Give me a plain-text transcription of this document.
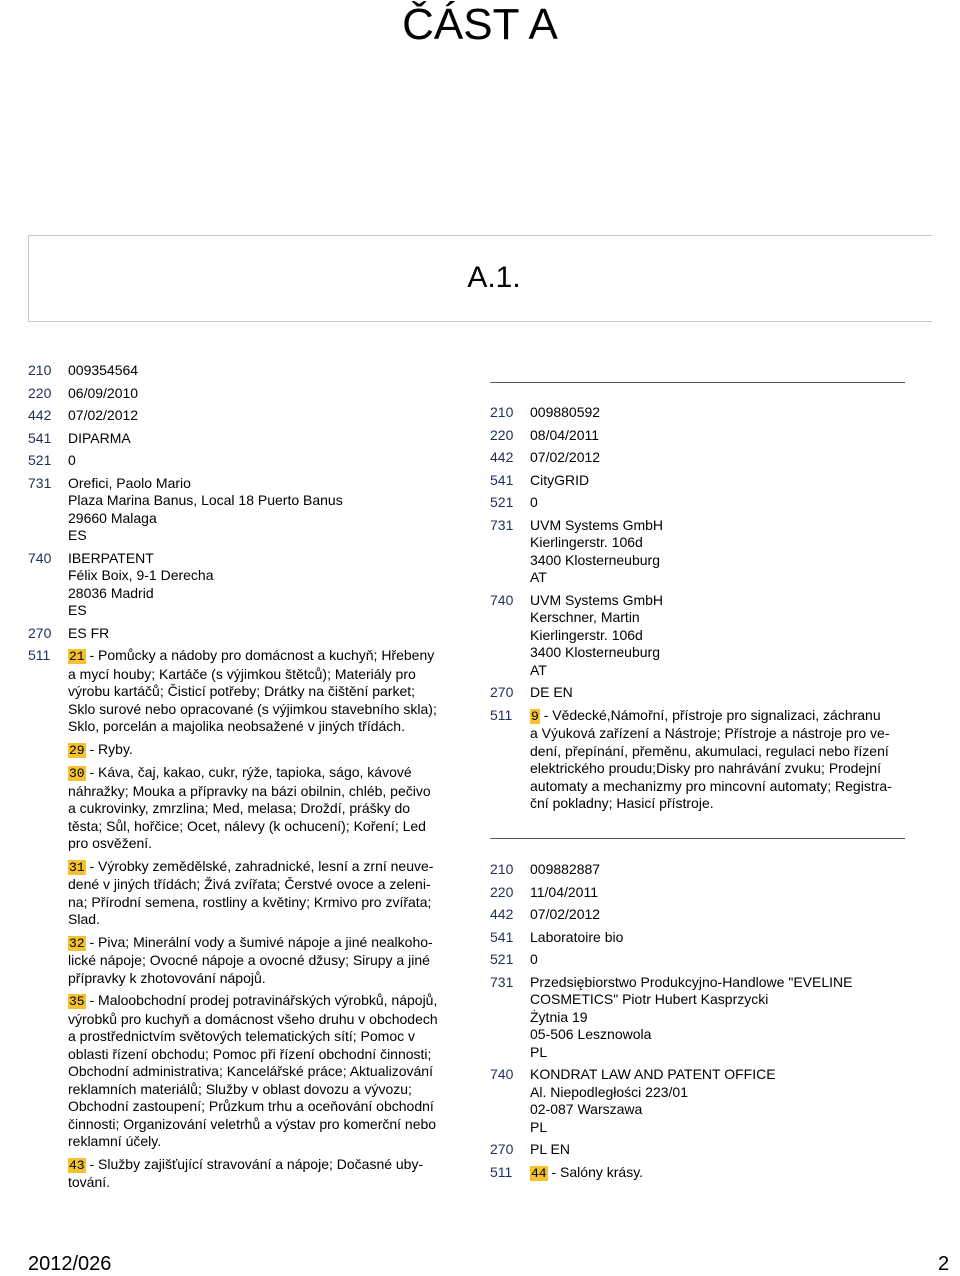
ČÁST A
A.1.
210	009354564
220	06/09/2010
442	07/02/2012
541	DIPARMA
521	0
731	Orefici, Paolo Mario
Plaza Marina Banus, Local 18 Puerto Banus
29660 Malaga
ES
740	IBERPATENT
Félix Boix, 9-1 Derecha
28036 Madrid
ES
270	ES FR
511	21 - Pomůcky a nádoby pro domácnost a kuchyň; Hřebeny
a mycí houby; Kartáče (s výjimkou štětců); Materiály pro
výrobu kartáčů; Čisticí potřeby; Drátky na čištění parket;
Sklo surové nebo opracované (s výjimkou stavebního skla);
Sklo, porcelán a majolika neobsažené v jiných třídách.

29 - Ryby.

30 - Káva, čaj, kakao, cukr, rýže, tapioka, ságo, kávové
náhražky; Mouka a přípravky na bázi obilnin, chléb, pečivo
a cukrovinky, zmrzlina; Med, melasa; Droždí, prášky do
těsta; Sůl, hořčice; Ocet, nálevy (k ochucení); Koření; Led
pro osvěžení.

31 - Výrobky zemědělské, zahradnické, lesní a zrní neuve-
dené v jiných třídách; Živá zvířata; Čerstvé ovoce a zeleni-
na; Přírodní semena, rostliny a květiny; Krmivo pro zvířata;
Slad.

32 - Piva; Minerální vody a šumivé nápoje a jiné nealkoho-
lické nápoje; Ovocné nápoje a ovocné džusy; Sirupy a jiné
přípravky k zhotovování nápojů.

35 - Maloobchodní prodej potravinářských výrobků, nápojů,
výrobků pro kuchyň a domácnost všeho druhu v obchodech
a prostřednictvím světových telematických sítí; Pomoc v
oblasti řízení obchodu; Pomoc při řízení obchodní činnosti;
Obchodní administrativa; Kancelářské práce; Aktualizování
reklamních materiálů; Služby v oblast dovozu a vývozu;
Obchodní zastoupení; Průzkum trhu a oceňování obchodní
činnosti; Organizování veletrhů a výstav pro komerční nebo
reklamní účely.

43 - Služby zajišťující stravování a nápoje; Dočasné uby-
tování.

210	009880592
220	08/04/2011
442	07/02/2012
541	CityGRID
521	0
731	UVM Systems GmbH
Kierlingerstr. 106d
3400 Klosterneuburg
AT
740	UVM Systems GmbH
Kerschner, Martin
Kierlingerstr. 106d
3400 Klosterneuburg
AT
270	DE EN
511	9 - Vědecké,Námořní, přístroje pro signalizaci, záchranu
a Výuková zařízení a Nástroje; Přístroje a nástroje pro ve-
dení, přepínání, přeměnu, akumulaci, regulaci nebo řízení
elektrického proudu;Disky pro nahrávání zvuku; Prodejní
automaty a mechanizmy pro mincovní automaty; Registra-
ční pokladny; Hasicí přístroje.

210	009882887
220	11/04/2011
442	07/02/2012
541	Laboratoire bio
521	0
731	Przedsiębiorstwo Produkcyjno-Handlowe "EVELINE
COSMETICS" Piotr Hubert Kasprzycki
Żytnia 19
05-506 Lesznowola
PL
740	KONDRAT LAW AND PATENT OFFICE
Al. Niepodległości 223/01
02-087 Warszawa
PL
270	PL EN
511	44 - Salóny krásy.

2012/026	2
